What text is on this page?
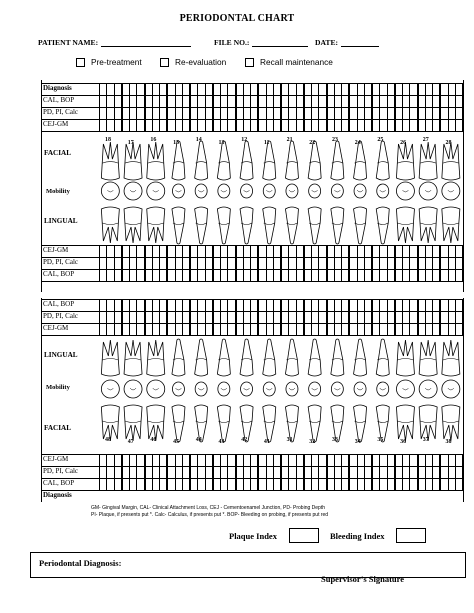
PERIODONTAL CHART
PATIENT NAME:	FILE NO.:	DATE:
Pre-treatment	Re-evaluation	Recall maintenance
Diagnosis
CAL, BOP
PD, PI, Calc
CEJ-GM
FACIAL
Mobility
LINGUAL
18	17	16	15	14	13	12	11	21	22	23	24	25	26	27	28
CEJ-GM
PD, PI, Calc
CAL, BOP
CAL, BOP
PD, PI, Calc
CEJ-GM
LINGUAL
Mobility
FACIAL
48	47	46	45	44	43	42	41	31	32	33	34	35	36	37	38
CEJ-GM
PD, PI, Calc
CAL, BOP
Diagnosis
GM- Gingival Margin, CAL- Clinical Attachment Loss, CEJ - Cementoenamel Junction, PD- Probing Depth
PI- Plaque, if presents put *. Calc- Calculus, if presents put *. BOP- Bleeding on probing, if presents put red
Plaque Index	Bleeding Index
Periodontal Diagnosis:
Supervisor’s Signature
